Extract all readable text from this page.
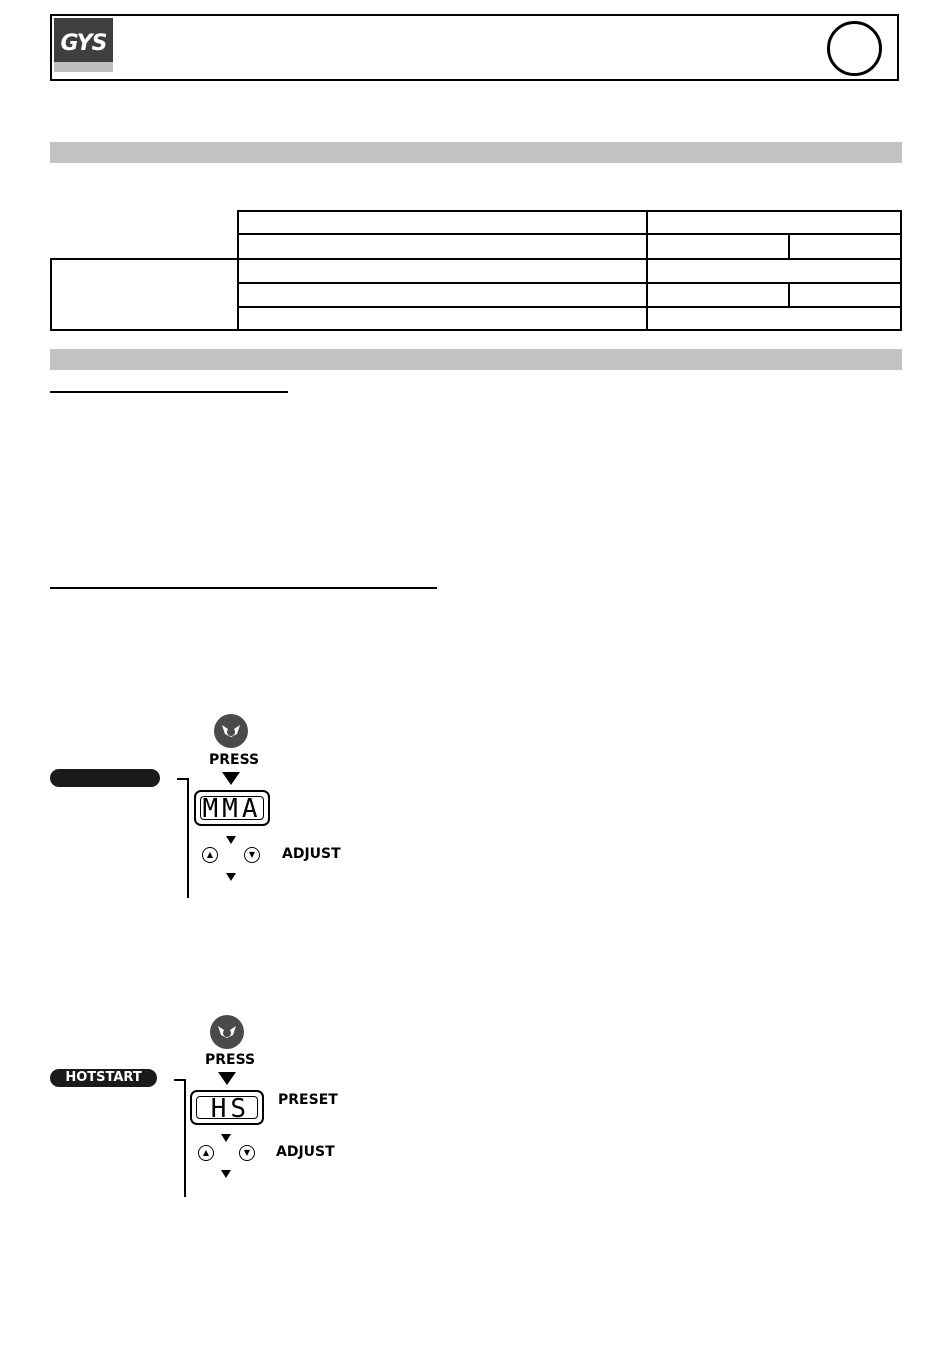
GYS
PRESS
MMA
▲	▼	ADJUST
HOTSTART
PRESS
HS	PRESET
▲	▼	ADJUST
